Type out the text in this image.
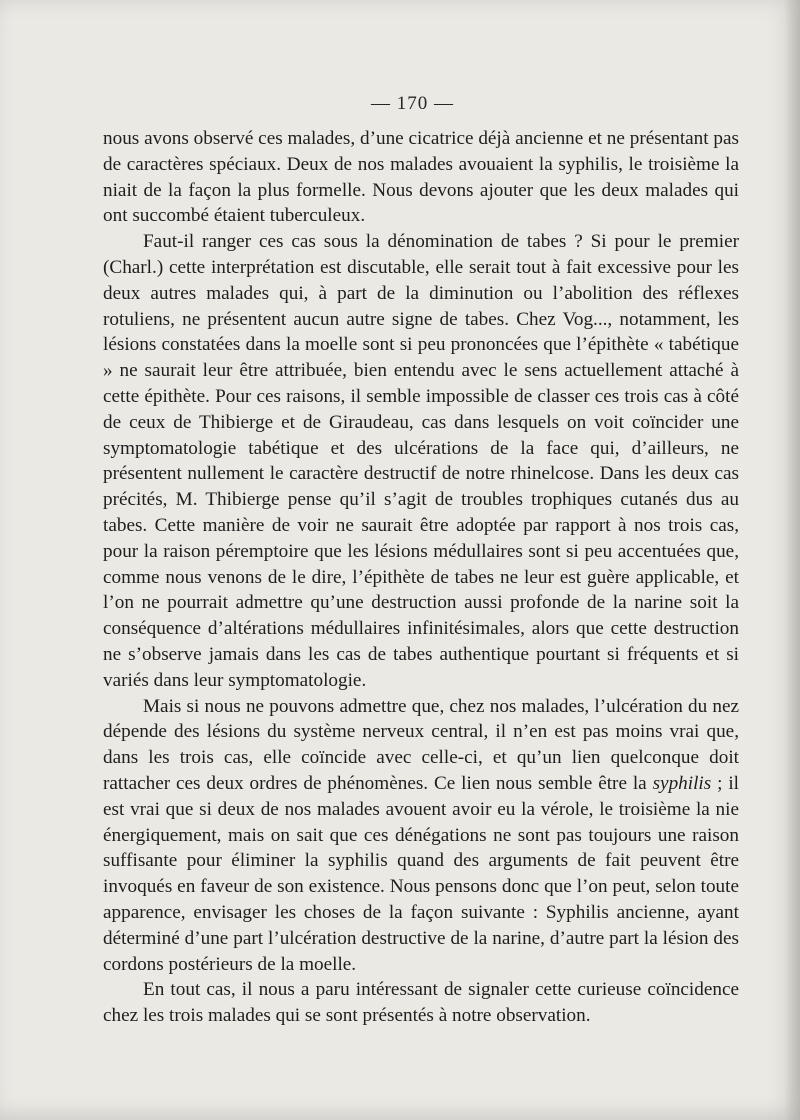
— 170 —

nous avons observé ces malades, d’une cicatrice déjà ancienne et ne présentant pas de caractères spéciaux. Deux de nos malades avouaient la syphilis, le troisième la niait de la façon la plus formelle. Nous devons ajouter que les deux malades qui ont succombé étaient tuberculeux.

Faut-il ranger ces cas sous la dénomination de tabes ? Si pour le premier (Charl.) cette interprétation est discutable, elle serait tout à fait excessive pour les deux autres malades qui, à part de la diminution ou l’abolition des réflexes rotuliens, ne présentent aucun autre signe de tabes. Chez Vog..., notamment, les lésions constatées dans la moelle sont si peu prononcées que l’épithète « tabétique » ne saurait leur être attribuée, bien entendu avec le sens actuellement attaché à cette épithète. Pour ces raisons, il semble impossible de classer ces trois cas à côté de ceux de Thibierge et de Giraudeau, cas dans lesquels on voit coïncider une symptomatologie tabétique et des ulcérations de la face qui, d’ailleurs, ne présentent nullement le caractère destructif de notre rhinelcose. Dans les deux cas précités, M. Thibierge pense qu’il s’agit de troubles trophiques cutanés dus au tabes. Cette manière de voir ne saurait être adoptée par rapport à nos trois cas, pour la raison péremptoire que les lésions médullaires sont si peu accentuées que, comme nous venons de le dire, l’épithète de tabes ne leur est guère applicable, et l’on ne pourrait admettre qu’une destruction aussi profonde de la narine soit la conséquence d’altérations médullaires infinitésimales, alors que cette destruction ne s’observe jamais dans les cas de tabes authentique pourtant si fréquents et si variés dans leur symptomatologie.

Mais si nous ne pouvons admettre que, chez nos malades, l’ulcération du nez dépende des lésions du système nerveux central, il n’en est pas moins vrai que, dans les trois cas, elle coïncide avec celle-ci, et qu’un lien quelconque doit rattacher ces deux ordres de phénomènes. Ce lien nous semble être la syphilis ; il est vrai que si deux de nos malades avouent avoir eu la vérole, le troisième la nie énergiquement, mais on sait que ces dénégations ne sont pas toujours une raison suffisante pour éliminer la syphilis quand des arguments de fait peuvent être invoqués en faveur de son existence. Nous pensons donc que l’on peut, selon toute apparence, envisager les choses de la façon suivante : Syphilis ancienne, ayant déterminé d’une part l’ulcération destructive de la narine, d’autre part la lésion des cordons postérieurs de la moelle.

En tout cas, il nous a paru intéressant de signaler cette curieuse coïncidence chez les trois malades qui se sont présentés à notre observation.
